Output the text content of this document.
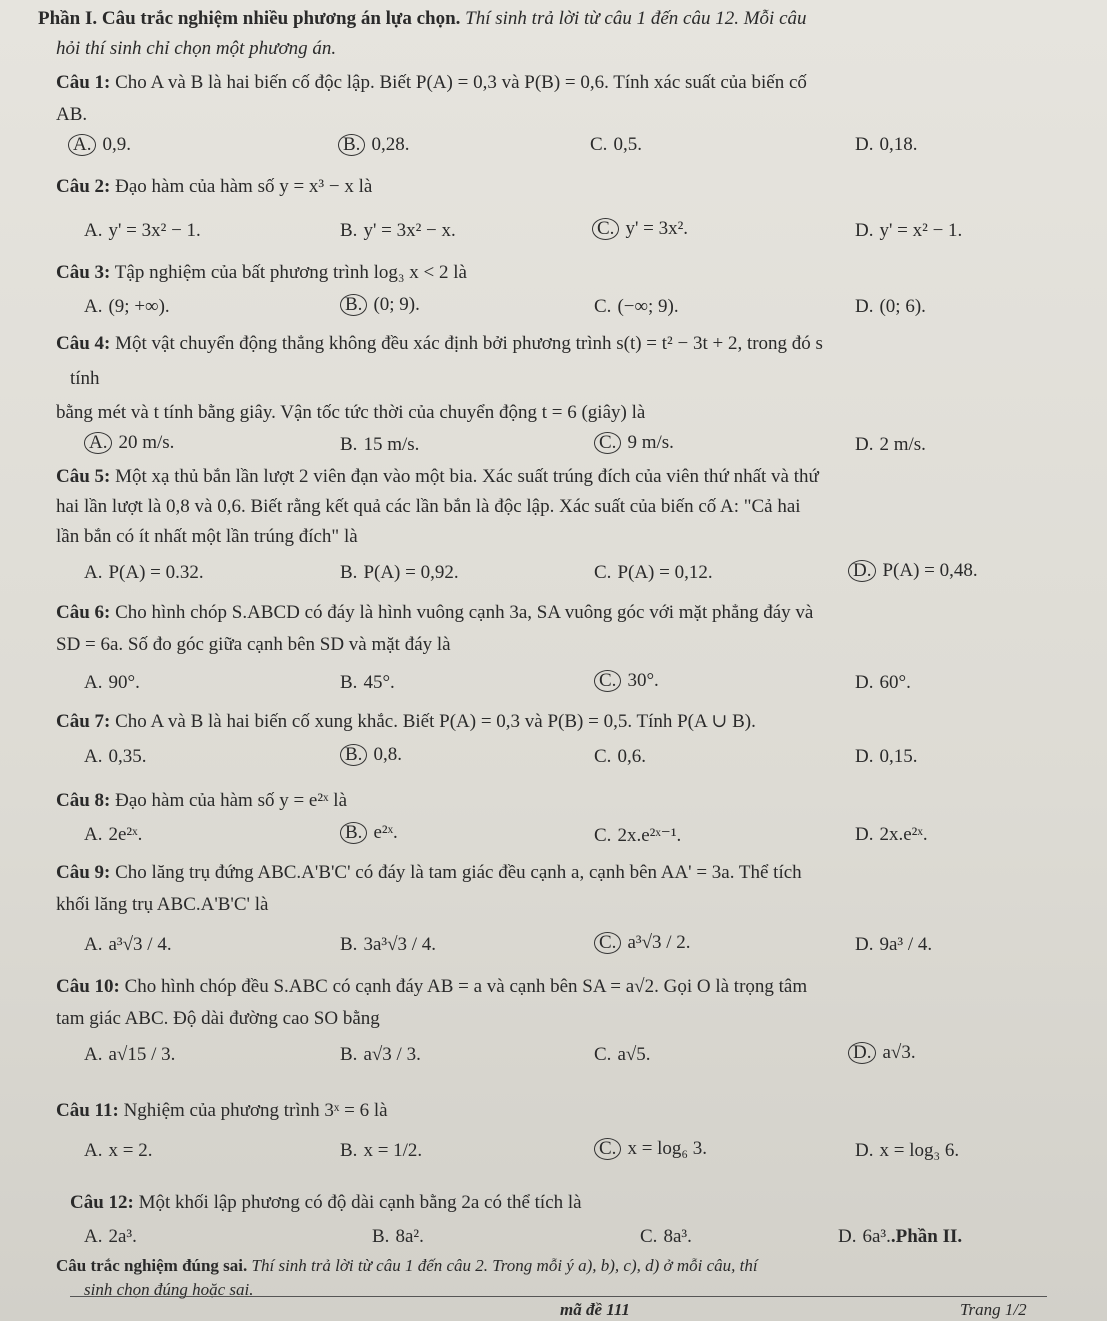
Phần I. Câu trắc nghiệm nhiều phương án lựa chọn. Thí sinh trả lời từ câu 1 đến câu 12. Mỗi câu
hỏi thí sinh chỉ chọn một phương án.
Câu 1: Cho A và B là hai biến cố độc lập. Biết P(A) = 0,3 và P(B) = 0,6. Tính xác suất của biến cố
AB.
A. 0,9.	B. 0,28.	C. 0,5.	D. 0,18.
Câu 2: Đạo hàm của hàm số y = x³ − x là
A. y' = 3x² − 1.	B. y' = 3x² − x.	C. y' = 3x².	D. y' = x² − 1.
Câu 3: Tập nghiệm của bất phương trình log₃ x < 2 là
A. (9; +∞).	B. (0; 9).	C. (−∞; 9).	D. (0; 6).
Câu 4: Một vật chuyển động thẳng không đều xác định bởi phương trình s(t) = t² − 3t + 2, trong đó s
tính
bằng mét và t tính bằng giây. Vận tốc tức thời của chuyển động t = 6 (giây) là
A. 20 m/s.	B. 15 m/s.	C. 9 m/s.	D. 2 m/s.
Câu 5: Một xạ thủ bắn lần lượt 2 viên đạn vào một bia. Xác suất trúng đích của viên thứ nhất và thứ
hai lần lượt là 0,8 và 0,6. Biết rằng kết quả các lần bắn là độc lập. Xác suất của biến cố A: "Cả hai
lần bắn có ít nhất một lần trúng đích" là
A. P(A) = 0.32.	B. P(A) = 0,92.	C. P(A) = 0,12.	D. P(A) = 0,48.
Câu 6: Cho hình chóp S.ABCD có đáy là hình vuông cạnh 3a, SA vuông góc với mặt phẳng đáy và
SD = 6a. Số đo góc giữa cạnh bên SD và mặt đáy là
A. 90°.	B. 45°.	C. 30°.	D. 60°.
Câu 7: Cho A và B là hai biến cố xung khắc. Biết P(A) = 0,3 và P(B) = 0,5. Tính P(A ∪ B).
A. 0,35.	B. 0,8.	C. 0,6.	D. 0,15.
Câu 8: Đạo hàm của hàm số y = e²ˣ là
A. 2e²ˣ.	B. e²ˣ.	C. 2x.e²ˣ⁻¹.	D. 2x.e²ˣ.
Câu 9: Cho lăng trụ đứng ABC.A'B'C' có đáy là tam giác đều cạnh a, cạnh bên AA' = 3a. Thể tích
khối lăng trụ ABC.A'B'C' là
A. a³√3 / 4.	B. 3a³√3 / 4.	C. a³√3 / 2.	D. 9a³ / 4.
Câu 10: Cho hình chóp đều S.ABC có cạnh đáy AB = a và cạnh bên SA = a√2. Gọi O là trọng tâm
tam giác ABC. Độ dài đường cao SO bằng
A. a√15 / 3.	B. a√3 / 3.	C. a√5.	D. a√3.
Câu 11: Nghiệm của phương trình 3ˣ = 6 là
A. x = 2.	B. x = 1/2.	C. x = log₆ 3.	D. x = log₃ 6.
Câu 12: Một khối lập phương có độ dài cạnh bằng 2a có thể tích là
A. 2a³.	B. 8a².	C. 8a³.	D. 6a³..Phần II.
Câu trắc nghiệm đúng sai. Thí sinh trả lời từ câu 1 đến câu 2. Trong mỗi ý a), b), c), d) ở mỗi câu, thí
sinh chọn đúng hoặc sai.
mã đề 111	Trang 1/2
